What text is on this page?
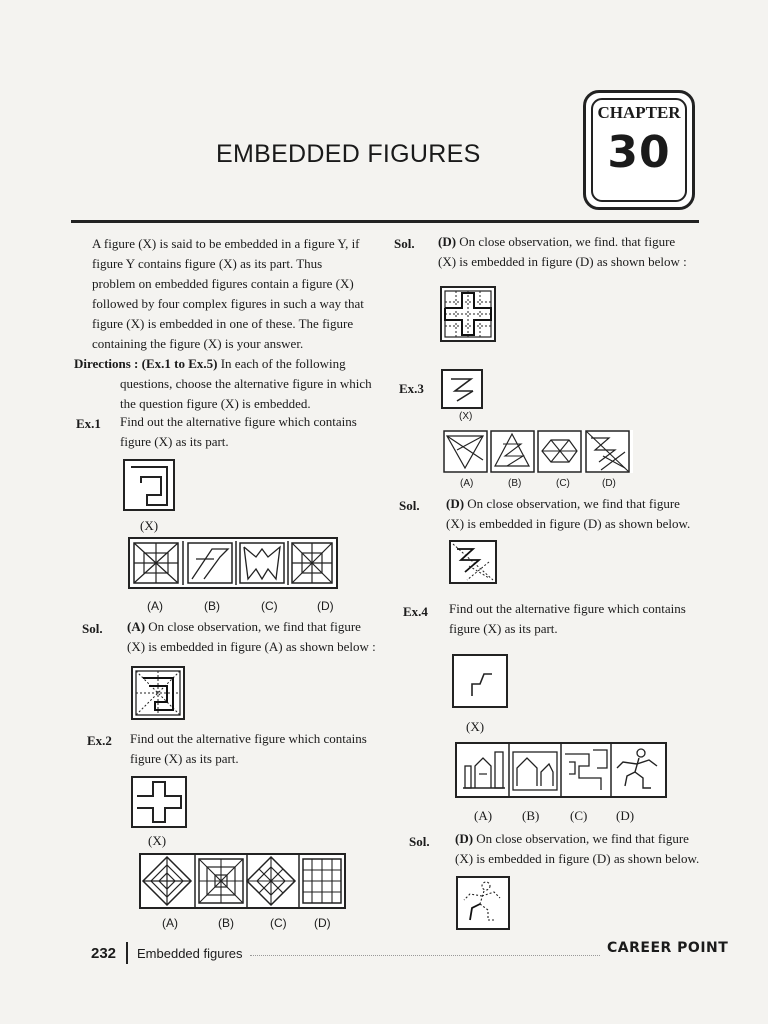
EMBEDDED FIGURES
CHAPTER
30
A figure (X) is said to be embedded in a figure Y, if
figure Y contains figure (X) as its part. Thus
problem on embedded figures contain a figure (X)
followed by four complex figures in such a way that
figure (X) is embedded in one of these. The figure
containing the figure (X) is your answer.
Directions : (Ex.1 to Ex.5) In each of the following
questions, choose the alternative figure in which
the question figure (X) is embedded.
Ex.1 Find out the alternative figure which contains
figure (X) as its part.
(X)
(A)	(B)	(C)	(D)
Sol. (A) On close observation, we find that figure
(X) is embedded in figure (A) as shown below :
Ex.2 Find out the alternative figure which contains
figure (X) as its part.
(X)
(A)	(B)	(C) (D)
Sol. (D) On close observation, we find. that figure
(X) is embedded in figure (D) as shown below :
Ex.3
(X)
(A)	(B)	(C)	(D)
Sol. (D) On close observation, we find that figure
(X) is embedded in figure (D) as shown below.
Ex.4 Find out the alternative figure which contains
figure (X) as its part.
(X)
(A) (B) (C) (D)
Sol. (D) On close observation, we find that figure
(X) is embedded in figure (D) as shown below.
232 Embedded figures	CAREER POINT
